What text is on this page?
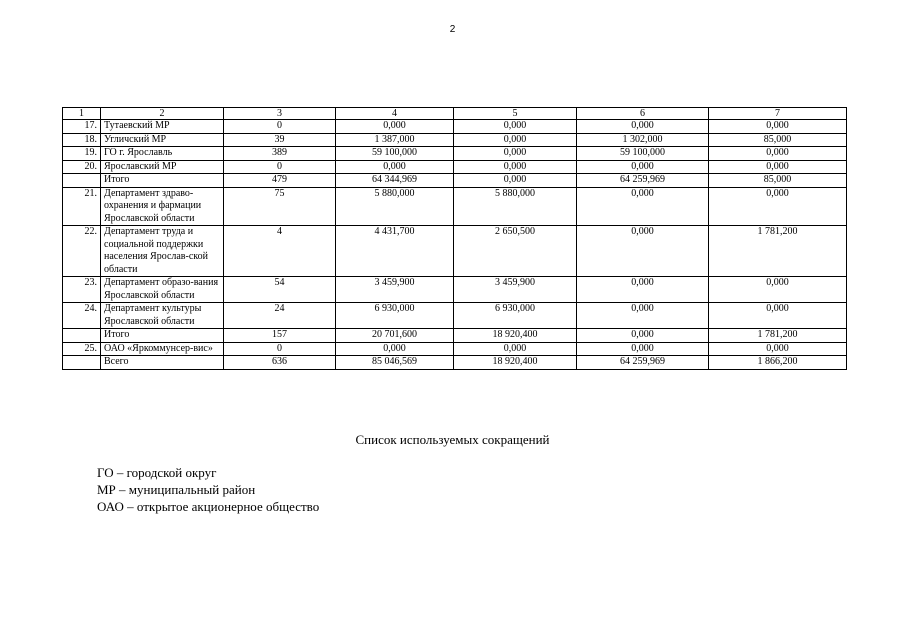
2
1	2	3	4	5	6	7
17.	Тутаевский МР	0	0,000	0,000	0,000	0,000
18.	Угличский МР	39	1 387,000	0,000	1 302,000	85,000
19.	ГО г. Ярославль	389	59 100,000	0,000	59 100,000	0,000
20.	Ярославский МР	0	0,000	0,000	0,000	0,000
	Итого	479	64 344,969	0,000	64 259,969	85,000
21.	Департамент здраво-охранения и фармации Ярославской области	75	5 880,000	5 880,000	0,000	0,000
22.	Департамент труда и социальной поддержки населения Ярослав-ской области	4	4 431,700	2 650,500	0,000	1 781,200
23.	Департамент образо-вания Ярославской области	54	3 459,900	3 459,900	0,000	0,000
24.	Департамент культуры Ярославской области	24	6 930,000	6 930,000	0,000	0,000
	Итого	157	20 701,600	18 920,400	0,000	1 781,200
25.	ОАО «Яркоммунсер-вис»	0	0,000	0,000	0,000	0,000
	Всего	636	85 046,569	18 920,400	64 259,969	1 866,200
Список используемых сокращений
ГО – городской округ
МР – муниципальный район
ОАО – открытое акционерное общество
